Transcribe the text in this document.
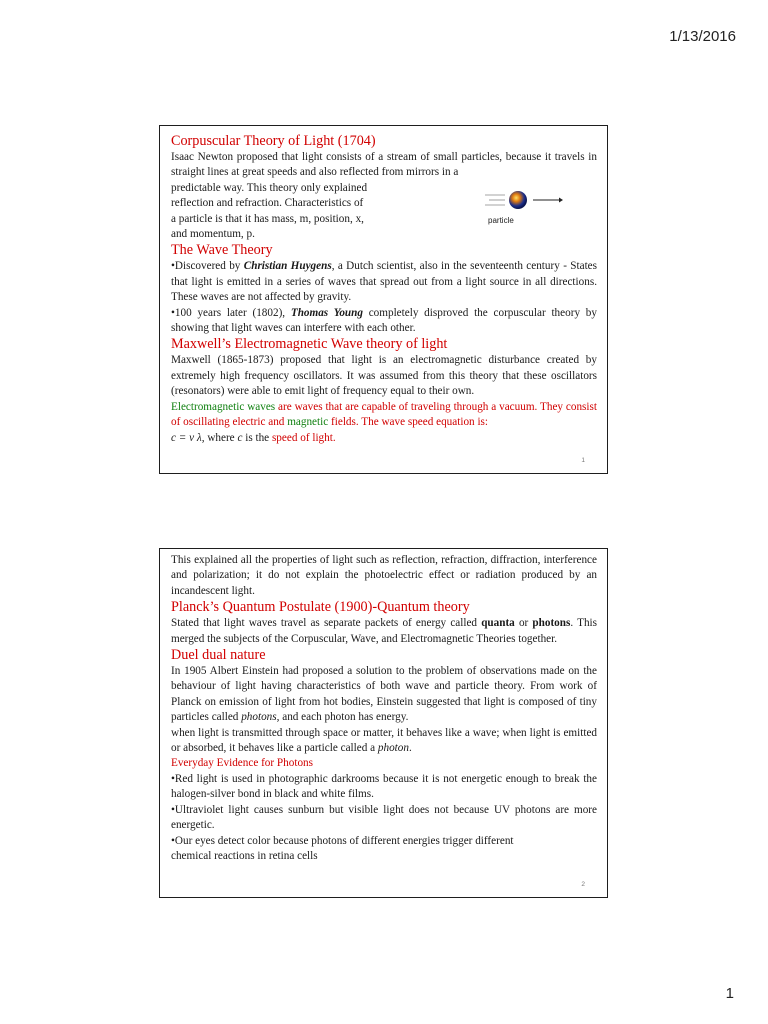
1/13/2016
Corpuscular Theory of Light (1704)

Isaac Newton proposed that light consists of a stream of small particles, because it travels in straight lines at great speeds and also reflected from mirrors in a

predictable way. This theory only explained
reflection and refraction. Characteristics of
a particle is that it has mass, m, position, x,
and momentum, p.
particle
The Wave Theory

•Discovered by Christian Huygens, a Dutch scientist, also in the seventeenth century - States that light is emitted in a series of waves that spread out from a light source in all directions. These waves are not affected by gravity.

•100 years later (1802), Thomas Young completely disproved the corpuscular theory by showing that light waves can interfere with each other.

Maxwell’s Electromagnetic Wave theory of light

Maxwell (1865-1873) proposed that light is an electromagnetic disturbance created by extremely high frequency oscillators. It was assumed from this theory that these oscillators (resonators) were able to emit light of frequency equal to their own.

Electromagnetic waves are waves that are capable of traveling through a vacuum. They consist of oscillating electric and magnetic fields. The wave speed equation is:

c = ν λ, where c is the speed of light.

1

This explained all the properties of light such as reflection, refraction, diffraction, interference and polarization; it do not explain the photoelectric effect or radiation produced by an incandescent light.

Planck’s Quantum Postulate (1900)-Quantum theory

Stated that light waves travel as separate packets of energy called quanta or photons. This merged the subjects of the Corpuscular, Wave, and Electromagnetic Theories together.

Duel dual nature

In 1905 Albert Einstein had proposed a solution to the problem of observations made on the behaviour of light having characteristics of both wave and particle theory. From work of Planck on emission of light from hot bodies, Einstein suggested that light is composed of tiny particles called photons, and each photon has energy.

when light is transmitted through space or matter, it behaves like a wave; when light is emitted or absorbed, it behaves like a particle called a photon.

Everyday Evidence for Photons

•Red light is used in photographic darkrooms because it is not energetic enough to break the halogen-silver bond in black and white films.

•Ultraviolet light causes sunburn but visible light does not because UV photons are more energetic.

•Our eyes detect color because photons of different energies trigger different chemical reactions in retina cells

2
1
